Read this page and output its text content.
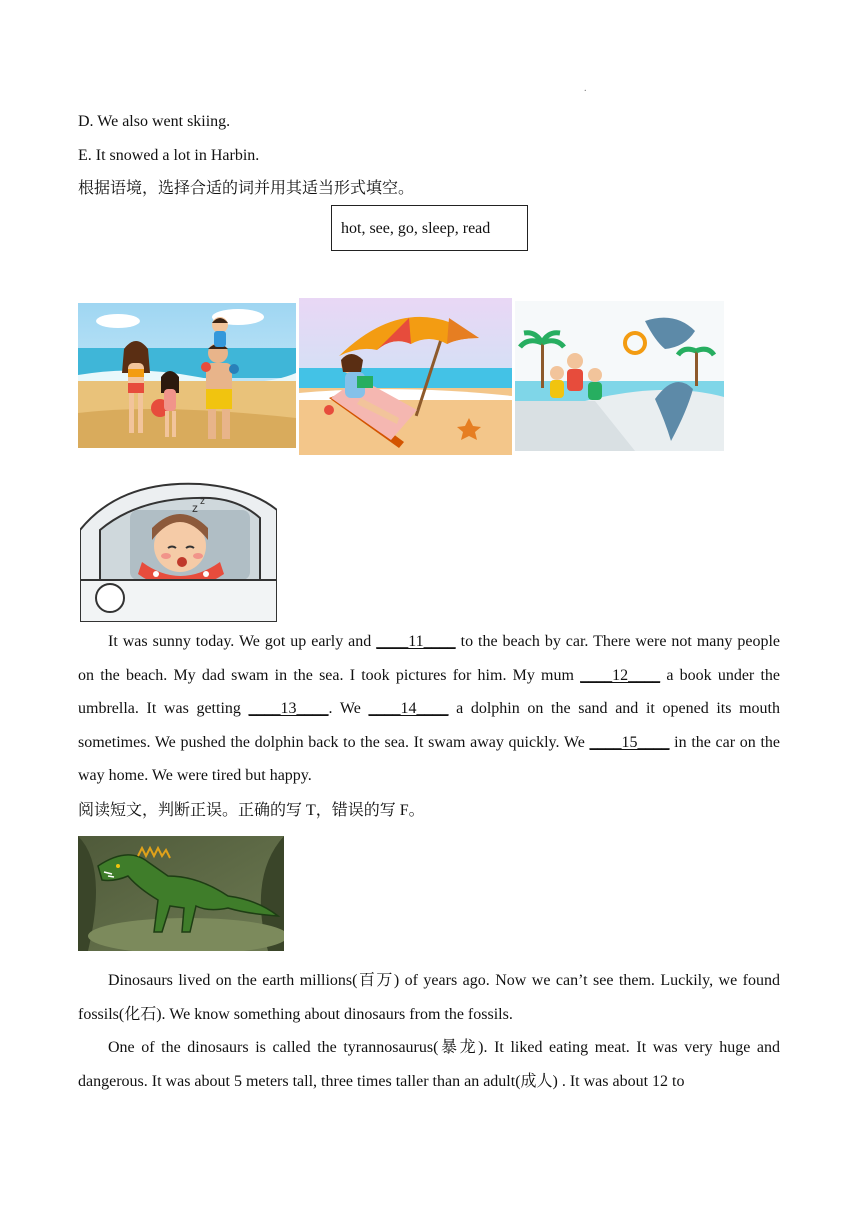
.
D. We also went skiing.
E. It snowed a lot in Harbin.
根据语境，选择合适的词并用其适当形式填空。
hot, see, go, sleep, read
z z
It was sunny today. We got up early and ____11____ to the beach by car. There were not many people on the beach. My dad swam in the sea. I took pictures for him. My mum ____12____ a book under the umbrella. It was getting ____13____. We ____14____ a dolphin on the sand and it opened its mouth sometimes. We pushed the dolphin back to the sea. It swam away quickly. We ____15____ in the car on the way home. We were tired but happy.
阅读短文，判断正误。正确的写 T，错误的写 F。
Dinosaurs lived on the earth millions(百万) of years ago. Now we can’t see them. Luckily, we found fossils(化石). We know something about dinosaurs from the fossils.
One of the dinosaurs is called the tyrannosaurus(暴龙). It liked eating meat. It was very huge and dangerous. It was about 5 meters tall, three times taller than an adult(成人) . It was about 12 to
